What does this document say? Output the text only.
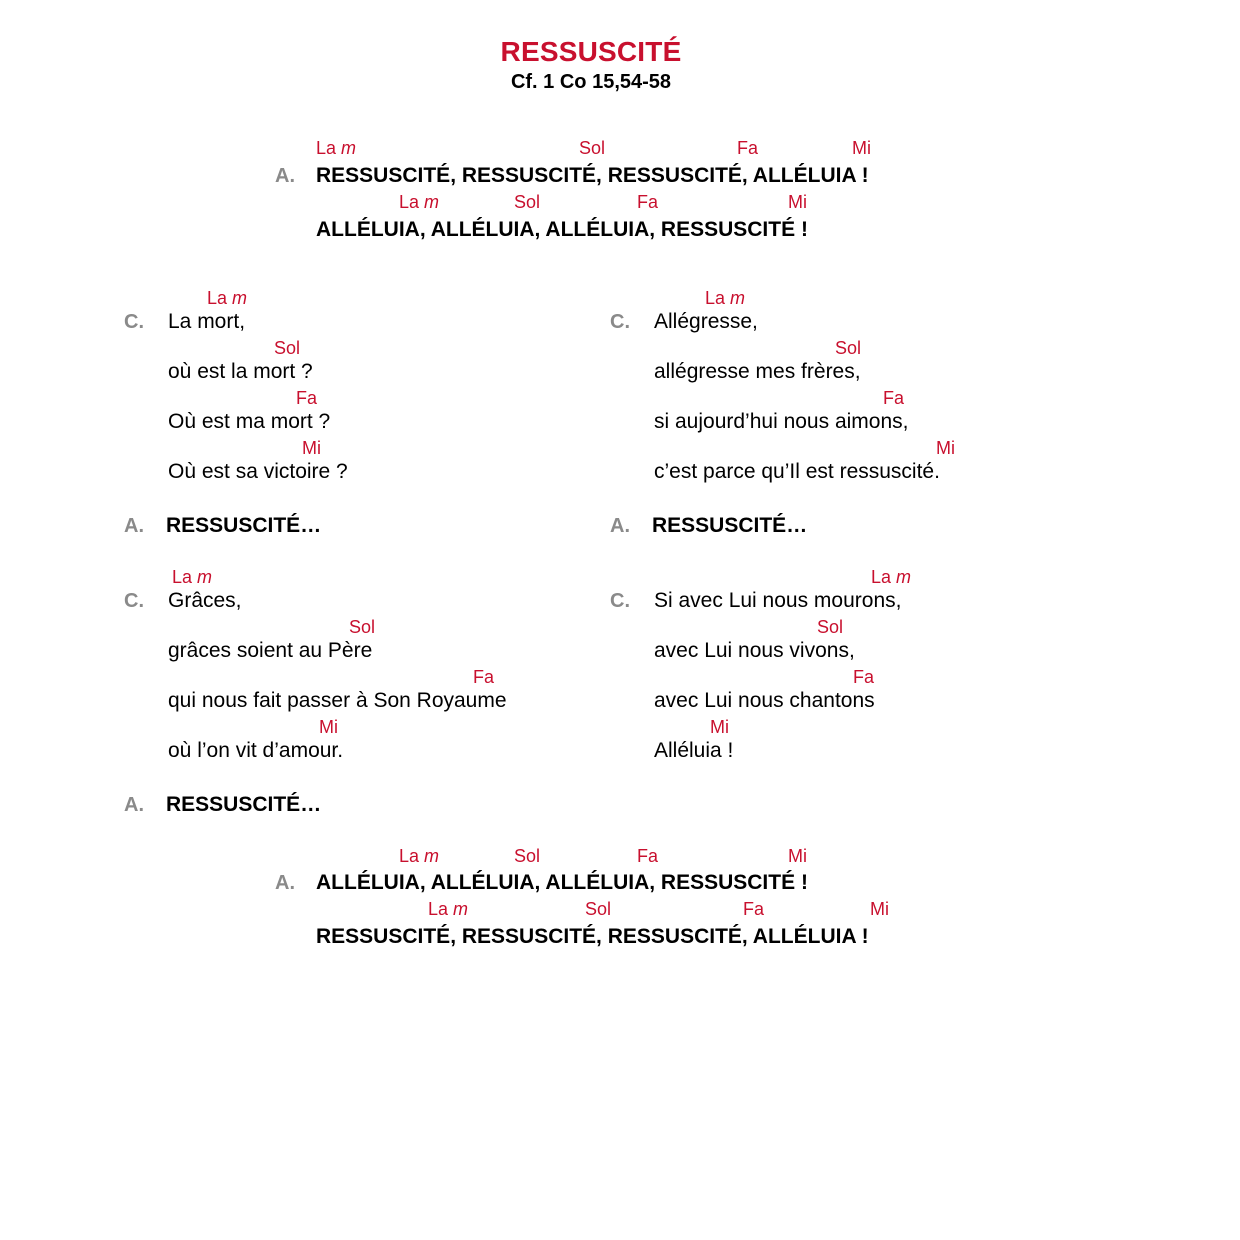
RESSUSCITÉ
Cf. 1 Co 15,54-58
La m	Sol	Fa	Mi
A. RESSUSCITÉ, RESSUSCITÉ, RESSUSCITÉ, ALLÉLUIA !
La m	Sol	Fa	Mi
ALLÉLUIA, ALLÉLUIA, ALLÉLUIA, RESSUSCITÉ !
La m
C. La mort,
Sol
où est la mort ?
Fa
Où est ma mort ?
Mi
Où est sa victoire ?
A. RESSUSCITÉ…
La m
C. Allégresse,
Sol
allégresse mes frères,
Fa
si aujourd’hui nous aimons,
Mi
c’est parce qu’Il est ressuscité.
A. RESSUSCITÉ…
La m
C. Grâces,
Sol
grâces soient au Père
Fa
qui nous fait passer à Son Royaume
Mi
où l’on vit d’amour.
A. RESSUSCITÉ…
La m
C. Si avec Lui nous mourons,
Sol
avec Lui nous vivons,
Fa
avec Lui nous chantons
Mi
Alléluia !
La m	Sol	Fa	Mi
A. ALLÉLUIA, ALLÉLUIA, ALLÉLUIA, RESSUSCITÉ !
La m	Sol	Fa	Mi
RESSUSCITÉ, RESSUSCITÉ, RESSUSCITÉ, ALLÉLUIA !
